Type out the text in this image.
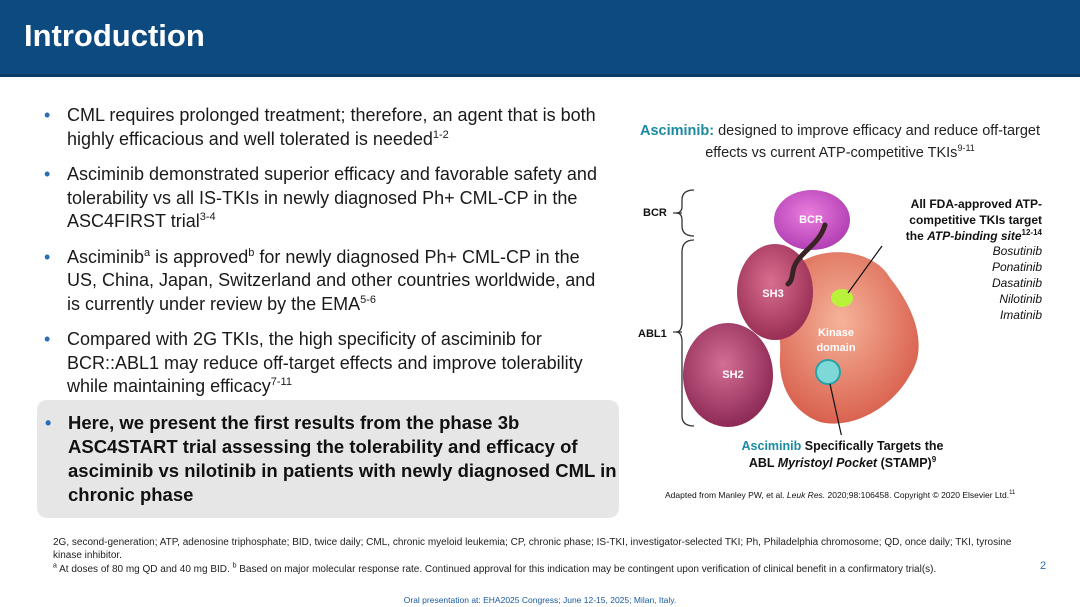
Introduction
• CML requires prolonged treatment; therefore, an agent that is both highly efficacious and well tolerated is needed$^{1-2}$
• Asciminib demonstrated superior efficacy and favorable safety and tolerability vs all IS-TKIs in newly diagnosed Ph+ CML-CP in the ASC4FIRST trial$^{3-4}$
• Asciminib$^a$ is approved$^b$ for newly diagnosed Ph+ CML-CP in the US, China, Japan, Switzerland and other countries worldwide, and is currently under review by the EMA$^{5-6}$
• Compared with 2G TKIs, the high specificity of asciminib for BCR::ABL1 may reduce off-target effects and improve tolerability while maintaining efficacy$^{7-11}$
• Here, we present the first results from the phase 3b ASC4START trial assessing the tolerability and efficacy of asciminib vs nilotinib in patients with newly diagnosed CML in chronic phase
Asciminib: designed to improve efficacy and reduce off-target effects vs current ATP-competitive TKIs$^{9-11}$
BCR
SH3
SH2
Kinase
domain
BCR
ABL1
All FDA-approved ATP-
competitive TKIs target
the ATP-binding site$^{12-14}$
Bosutinib
Ponatinib
Dasatinib
Nilotinib
Imatinib
Asciminib Specifically Targets the
ABL Myristoyl Pocket (STAMP)$^9$
Adapted from Manley PW, et al. Leuk Res. 2020;98:106458. Copyright © 2020 Elsevier Ltd.$^{11}$
2G, second-generation; ATP, adenosine triphosphate; BID, twice daily; CML, chronic myeloid leukemia; CP, chronic phase; IS-TKI, investigator-selected TKI; Ph, Philadelphia chromosome; QD, once daily; TKI, tyrosine kinase inhibitor.
$^a$ At doses of 80 mg QD and 40 mg BID. $^b$ Based on major molecular response rate. Continued approval for this indication may be contingent upon verification of clinical benefit in a confirmatory trial(s).	2
Oral presentation at: EHA2025 Congress; June 12-15, 2025; Milan, Italy.
